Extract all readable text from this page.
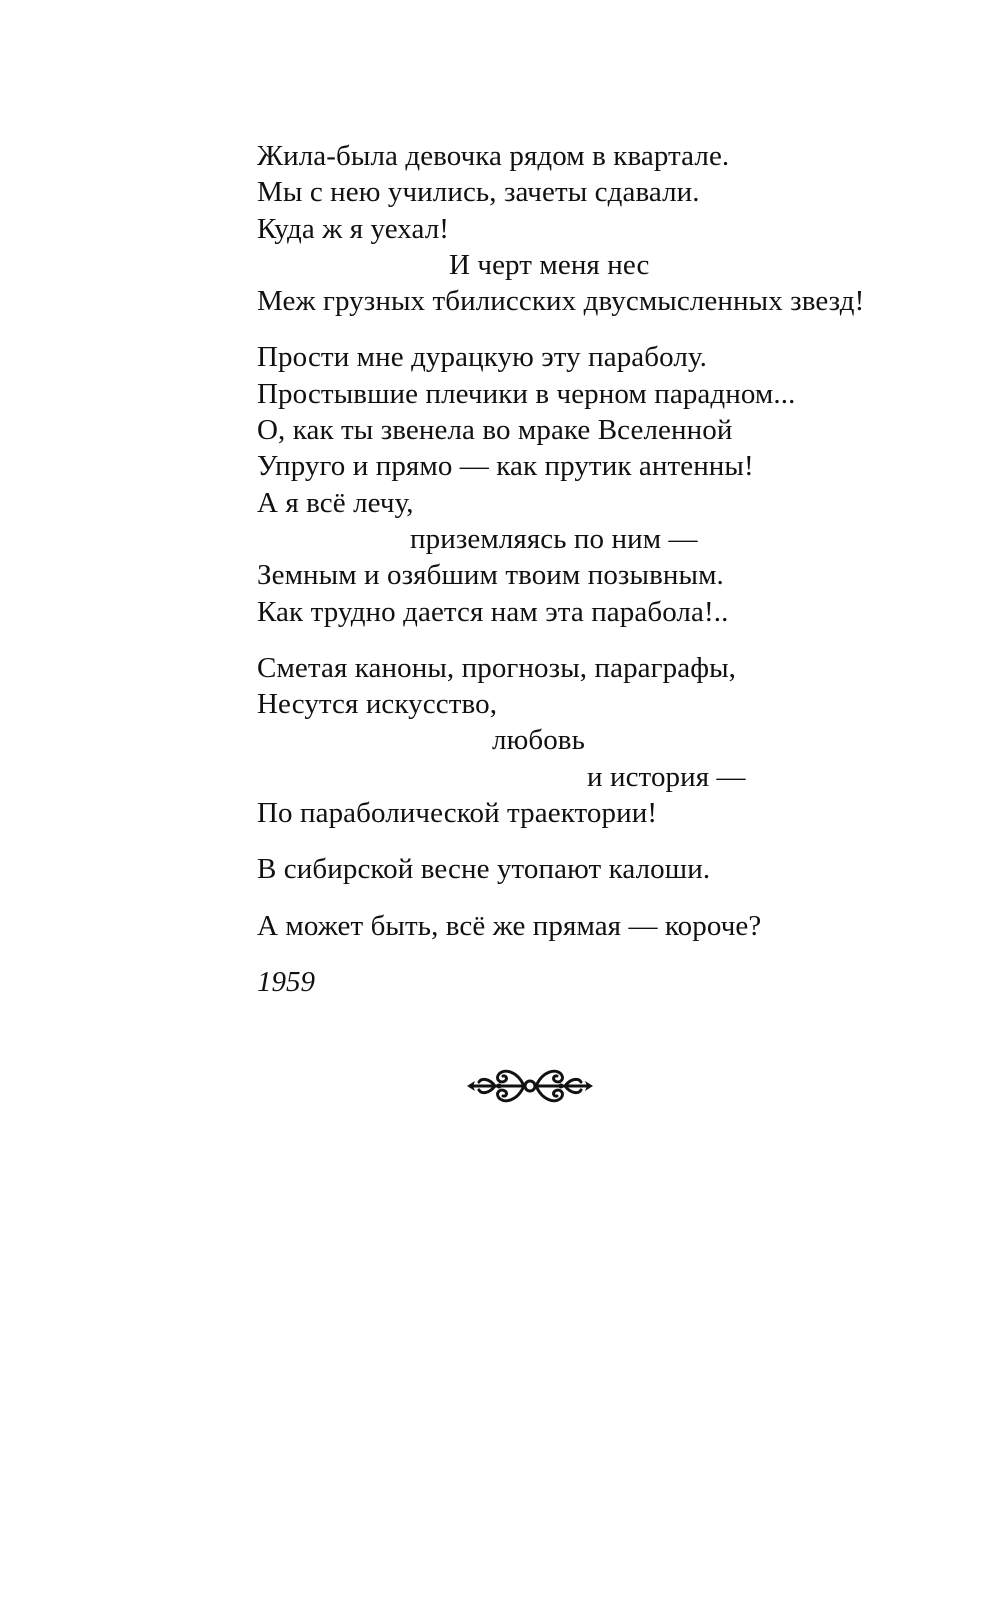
Жила-была девочка рядом в квартале.
Мы с нею учились, зачеты сдавали.
Куда ж я уехал!
И черт меня нес
Меж грузных тбилисских двусмысленных звезд!
Прости мне дурацкую эту параболу.
Простывшие плечики в черном парадном...
О, как ты звенела во мраке Вселенной
Упруго и прямо — как прутик антенны!
А я всё лечу,
приземляясь по ним —
Земным и озябшим твоим позывным.
Как трудно дается нам эта парабола!..
Сметая каноны, прогнозы, параграфы,
Несутся искусство,
любовь
и история —
По параболической траектории!
В сибирской весне утопают калоши.
А может быть, всё же прямая — короче?
1959
